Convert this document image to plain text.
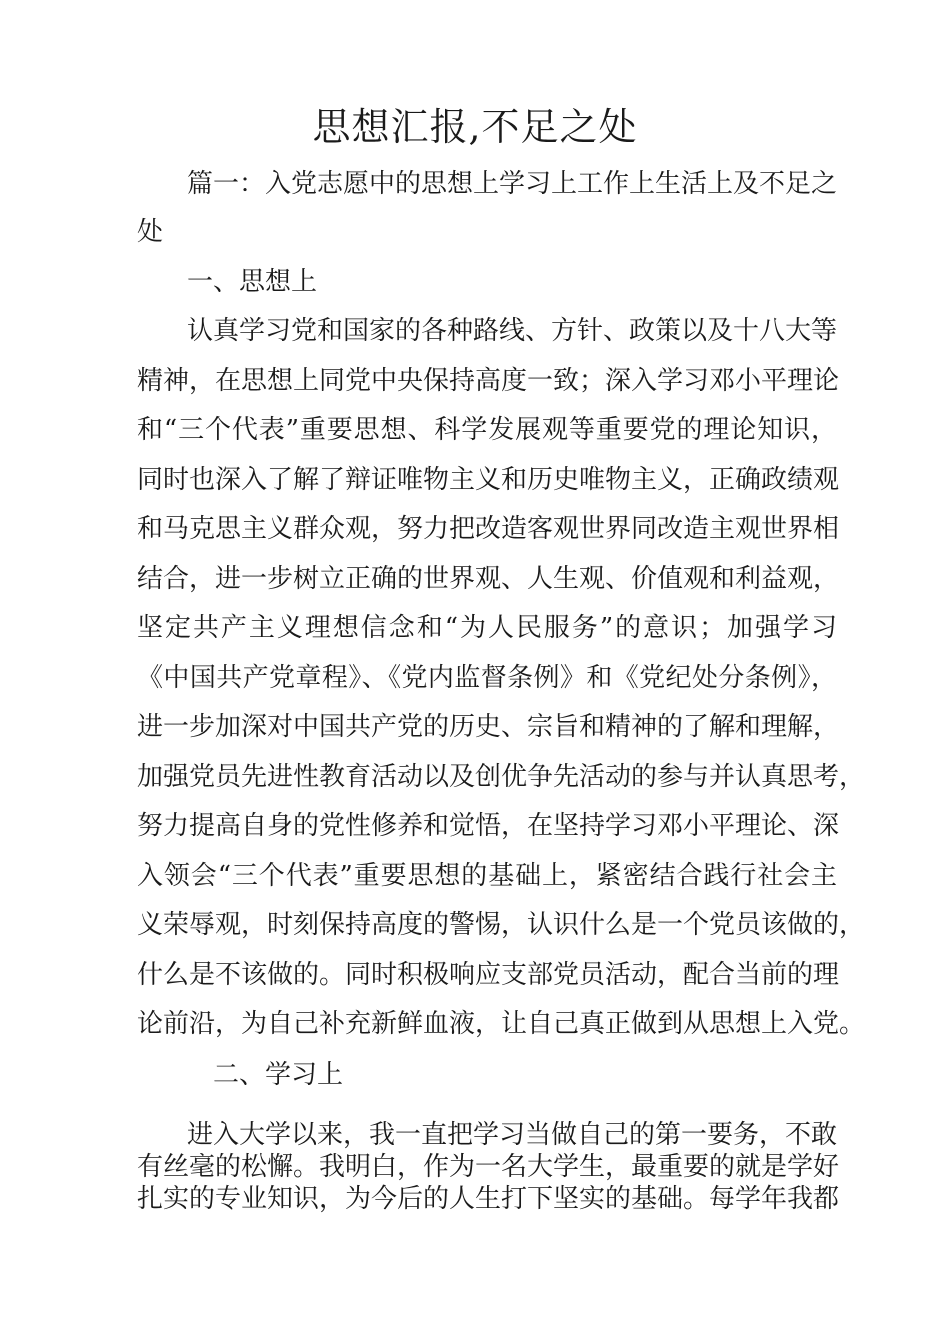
思想汇报,不足之处

篇一：入党志愿中的思想上学习上工作上生活上及不足之

处

一、思想上

认真学习党和国家的各种路线、方针、政策以及十八大等

精神，在思想上同党中央保持高度一致；深入学习邓小平理论

和“三个代表”重要思想、科学发展观等重要党的理论知识，

同时也深入了解了辩证唯物主义和历史唯物主义，正确政绩观

和马克思主义群众观，努力把改造客观世界同改造主观世界相

结合，进一步树立正确的世界观、人生观、价值观和利益观，

坚定共产主义理想信念和“为人民服务”的意识；加强学习

《中国共产党章程》、《党内监督条例》和《党纪处分条例》，

进一步加深对中国共产党的历史、宗旨和精神的了解和理解，

加强党员先进性教育活动以及创优争先活动的参与并认真思考，

努力提高自身的党性修养和觉悟，在坚持学习邓小平理论、深

入领会“三个代表”重要思想的基础上，紧密结合践行社会主

义荣辱观，时刻保持高度的警惕，认识什么是一个党员该做的，

什么是不该做的。同时积极响应支部党员活动，配合当前的理

论前沿，为自己补充新鲜血液，让自己真正做到从思想上入党。

二、学习上

进入大学以来，我一直把学习当做自己的第一要务，不敢

有丝毫的松懈。我明白，作为一名大学生，最重要的就是学好

扎实的专业知识，为今后的人生打下坚实的基础。每学年我都
